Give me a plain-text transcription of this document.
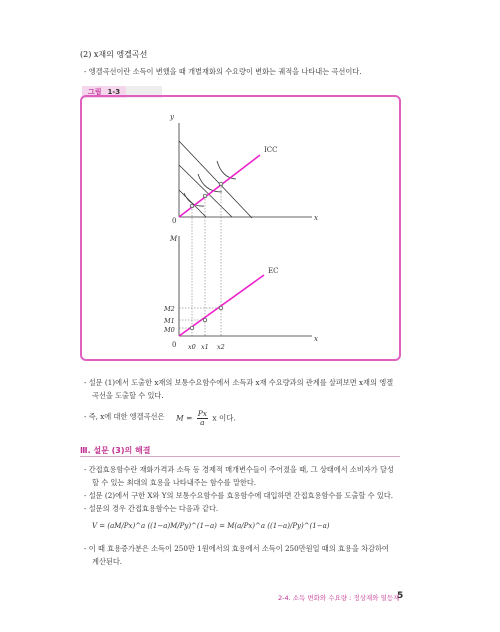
(2) x재의 엥겔곡선
- 엥겔곡선이란 소득이 변했을 때 개별재화의 수요량이 변화는 궤적을 나타내는 곡선이다.
그림 1-3
y
x
0
ICC
M
x
0
EC
M2
M1
M0
x0 x1 x2
- 설문 (1)에서 도출한 x재의 보통수요함수에서 소득과 x재 수요량과의 관계를 살펴보면 x재의 엥겔
곡선을 도출할 수 있다.
- 즉, x에 대한 엥겔곡선은 $M = \frac{Px}{a}$ x 이다.
Ⅲ. 설문 (3)의 해결
- 간접효용함수란 재화가격과 소득 등 경제적 매개변수들이 주어졌을 때, 그 상태에서 소비자가 달성
할 수 있는 최대의 효용을 나타내주는 함수를 말한다.
- 설문 (2)에서 구한 X와 Y의 보통수요함수를 효용함수에 대입하면 간접효용함수를 도출할 수 있다.
- 설문의 경우 간접효용함수는 다음과 같다.
V = (aM/Px)^a ((1−a)M/Py)^(1−a) = M(a/Px)^a ((1−a)/Py)^(1−a)
- 이 때 효용증가분은 소득이 250만 1원에서의 효용에서 소득이 250만원일 때의 효용을 차감하여
계산된다.
2-4. 소득 변화와 수요량 : 정상재와 열등재
5
